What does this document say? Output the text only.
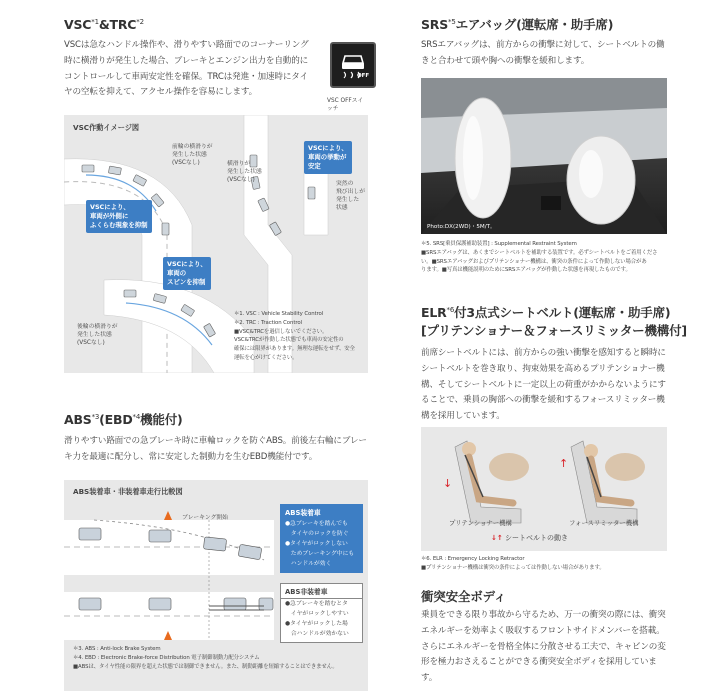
VSC$^{*1}$&TRC$^{*2}$

VSCは急なハンドル操作や、滑りやすい路面でのコーナーリング時に横滑りが発生した場合、ブレーキとエンジン出力を自動的にコントロールして車両安定性を確保。TRCは発進・加速時にタイヤの空転を抑えて、アクセル操作を容易にします。

OFF
VSC OFFスイッチ
VSC作動イメージ図
前輪の横滑りが
発生した状態
(VSCなし)	横滑りが
発生した状態
(VSCなし)
突然の
飛び出しが
発生した
状態
後輪の横滑りが
発生した状態
(VSCなし)
VSCにより、
車両が外側に
ふくらむ現象を抑制
VSCにより、
車両の挙動が
安定
VSCにより、
車両の
スピンを抑制
＊1. VSC : Vehicle Stability Control
＊2. TRC : Traction Control
■VSC&TRCを過信しないでください。
VSC&TRCが作動した状態でも車両の安定性の
確保には限界があります。無理な運転をせず、安全
運転を心がけてください。
ABS$^{*3}$(EBD$^{*4}$機能付)

滑りやすい路面での急ブレーキ時に車輪ロックを防ぐABS。前後左右輪にブレーキ力を最適に配分し、常に安定した制動力を生むEBD機能付です。

ABS装着車・非装着車走行比較図
ブレーキング開始
ABS装着車
●急ブレーキを踏んでも
　タイヤのロックを防ぐ
●タイヤがロックしない
　ためブレーキング中にも
　ハンドルが効く
ABS非装着車
●急ブレーキを踏むとタ
　イヤがロックしやすい
●タイヤがロックした場
　合ハンドルが効かない
＊3. ABS : Anti-lock Brake System
＊4. EBD : Electronic Brake-force Distribution 電子制御制動力配分システム
■ABSは、タイヤ性能の限界を超えた状態では制御できません。また、制動距離を短縮することはできません。
SRS$^{*5}$エアバッグ(運転席・助手席)

SRSエアバッグは、前方からの衝撃に対して、シートベルトの働きと合わせて頭や胸への衝撃を緩和します。

Photo:DX(2WD)・5M/T。
＊5. SRS[乗員保護補助装置] : Supplemental Restraint System
■SRSエアバッグは、あくまでシートベルトを補助する装置です。必ずシートベルトをご着用くださ
い。■SRSエアバッグおよびプリテンショナー機構は、衝突の条件によって作動しない場合があ
ります。■写真は機能説明のためにSRSエアバッグが作動した状態を再現したものです。
ELR$^{*6}$付3点式シートベルト(運転席・助手席)
[プリテンショナー＆フォースリミッター機構付]

前席シートベルトには、前方からの強い衝撃を感知すると瞬時にシートベルトを巻き取り、拘束効果を高めるプリテンショナー機構、そしてシートベルトに一定以上の荷重がかからないようにすることで、乗員の胸部への衝撃を緩和するフォースリミッター機構を採用しています。

↓
↑
プリテンショナー機構	フォースリミッター機構
↓↑ シートベルトの動き
＊6. ELR : Emergency Locking Retractor
■プリテンショナー機構は衝突の条件によっては作動しない場合があります。
衝突安全ボディ

乗員をできる限り事故から守るため、万一の衝突の際には、衝突エネルギーを効率よく吸収するフロントサイドメンバーを搭載。さらにエネルギーを骨格全体に分散させる工夫で、キャビンの変形を極力おさえることができる衝突安全ボディを採用しています。
